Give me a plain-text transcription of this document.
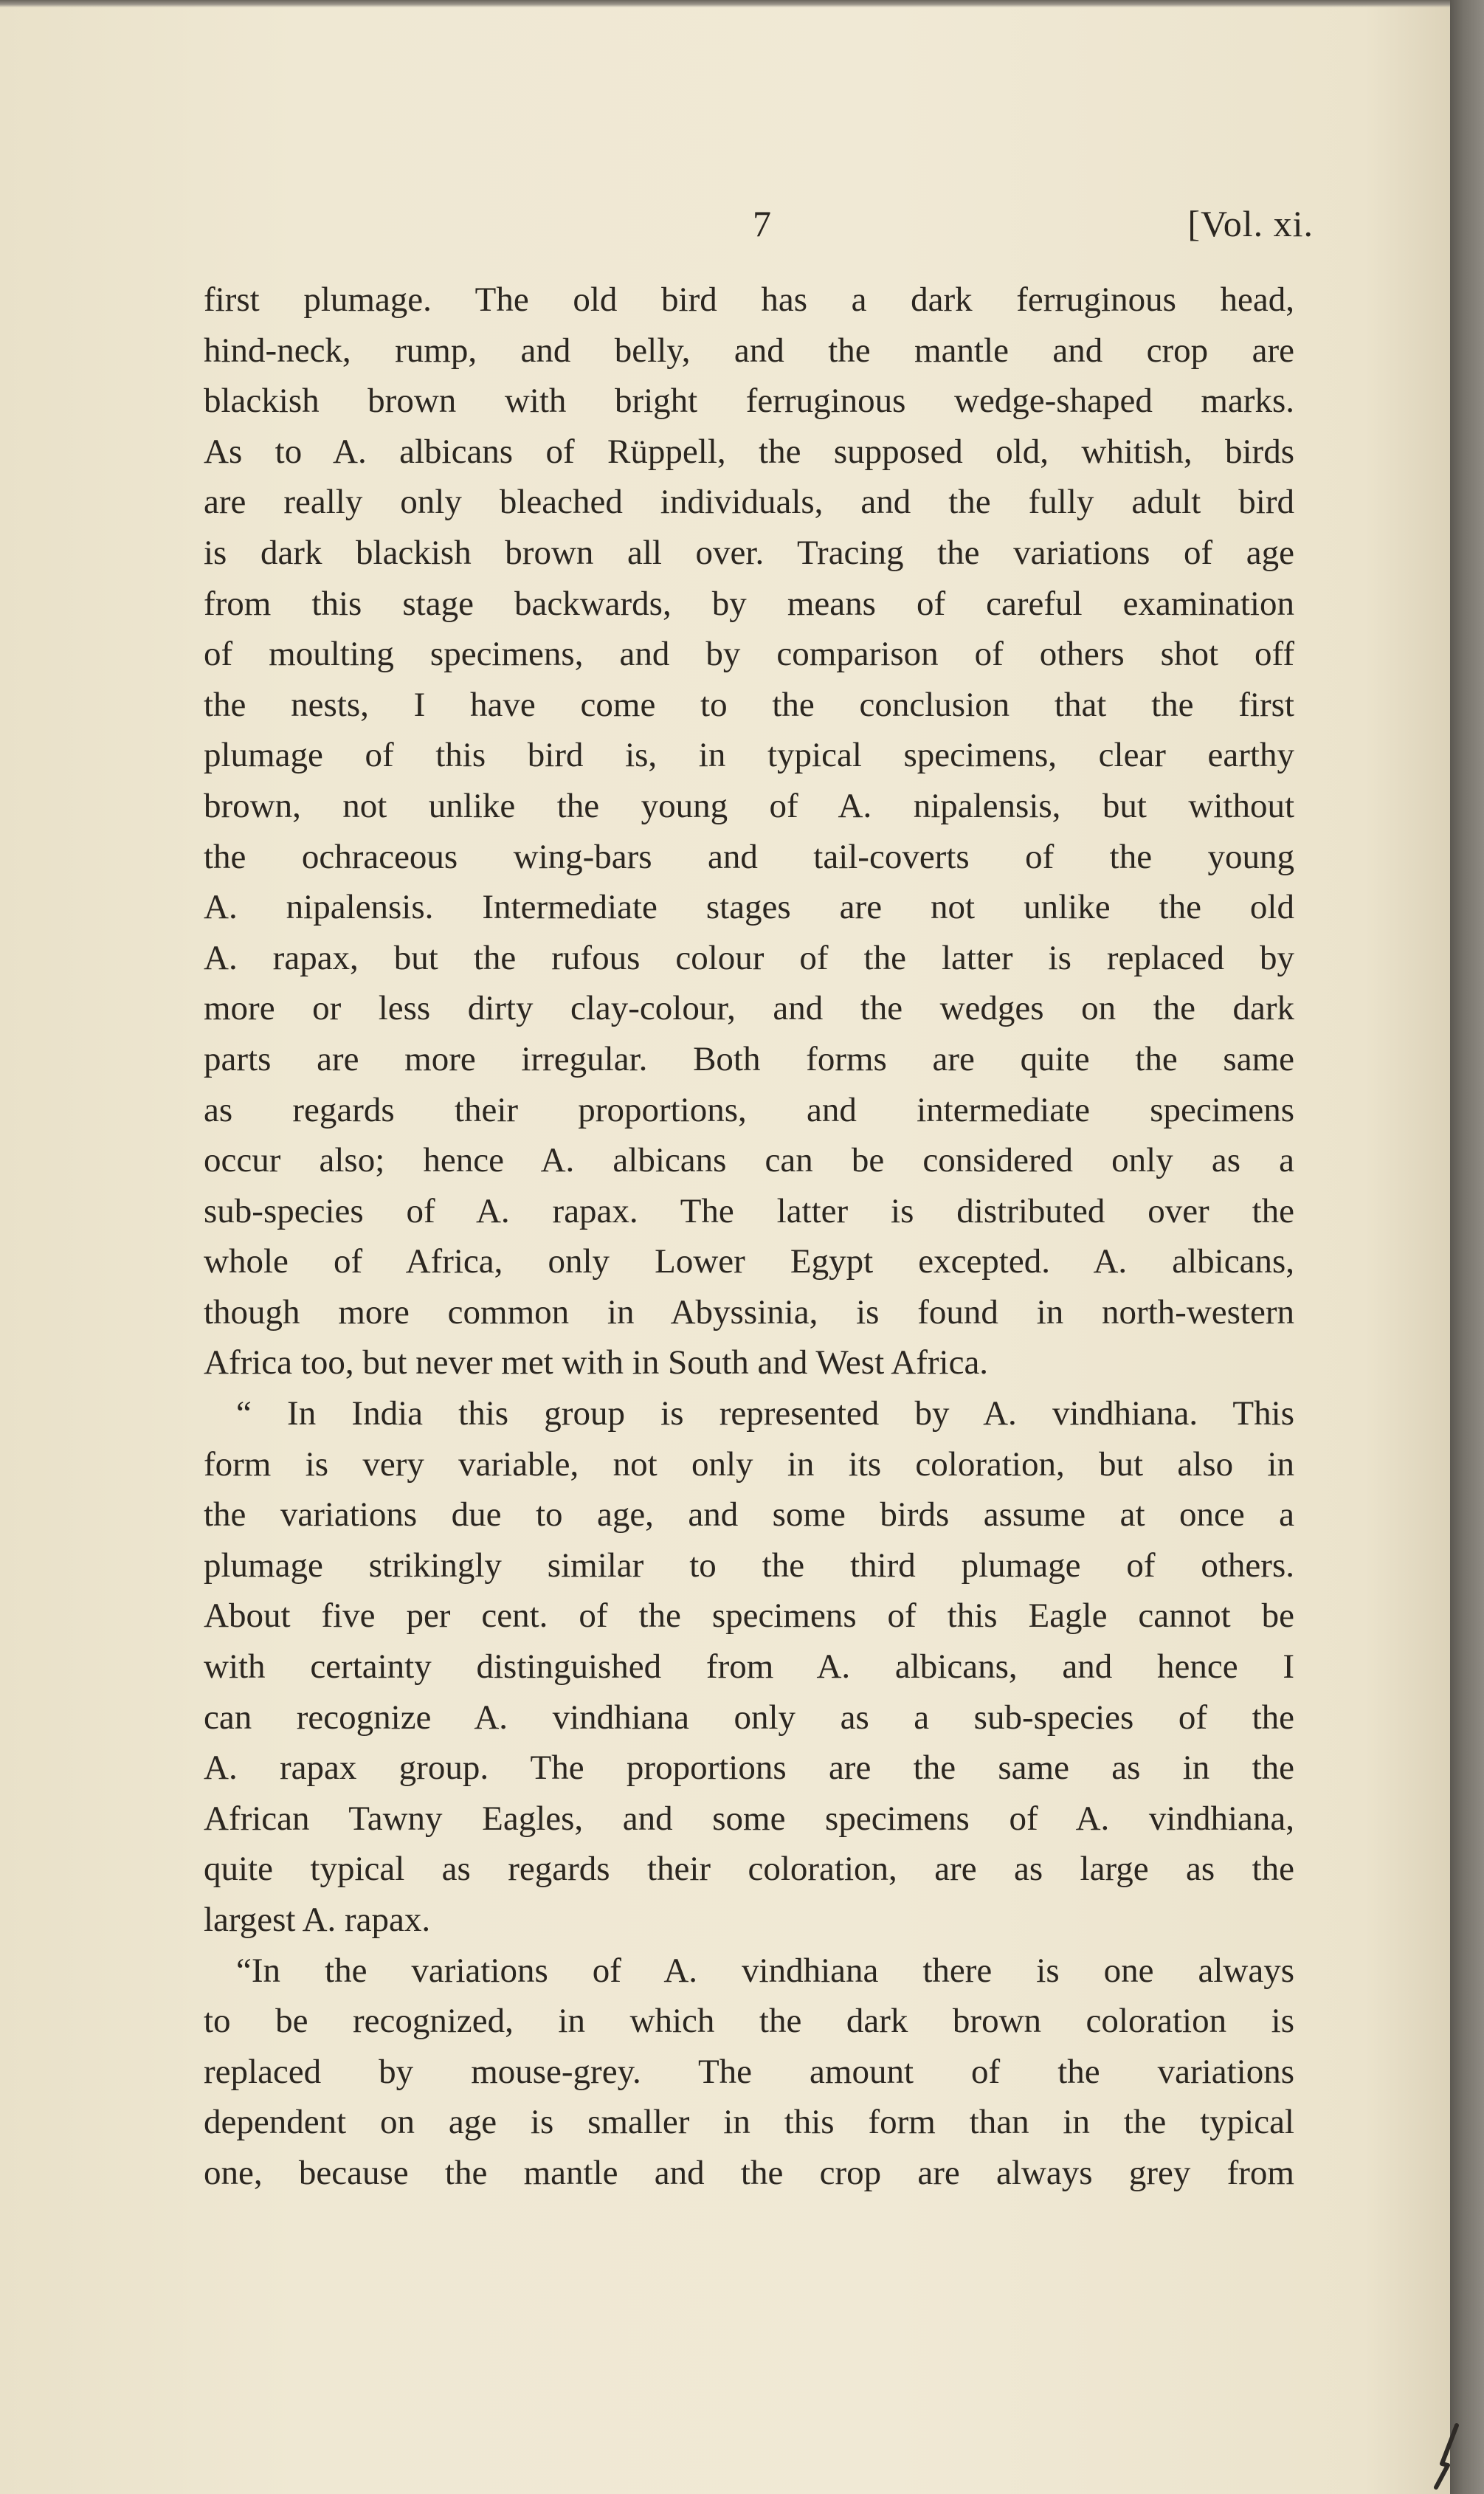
7	[Vol. xi.
first plumage. The old bird has a dark ferruginous head,
hind-neck, rump, and belly, and the mantle and crop are
blackish brown with bright ferruginous wedge-shaped marks.
As to A. albicans of Rüppell, the supposed old, whitish, birds
are really only bleached individuals, and the fully adult bird
is dark blackish brown all over. Tracing the variations of age
from this stage backwards, by means of careful examination
of moulting specimens, and by comparison of others shot off
the nests, I have come to the conclusion that the first
plumage of this bird is, in typical specimens, clear earthy
brown, not unlike the young of A. nipalensis, but without
the ochraceous wing-bars and tail-coverts of the young
A. nipalensis. Intermediate stages are not unlike the old
A. rapax, but the rufous colour of the latter is replaced by
more or less dirty clay-colour, and the wedges on the dark
parts are more irregular. Both forms are quite the same
as regards their proportions, and intermediate specimens
occur also; hence A. albicans can be considered only as a
sub-species of A. rapax. The latter is distributed over the
whole of Africa, only Lower Egypt excepted. A. albicans,
though more common in Abyssinia, is found in north-western
Africa too, but never met with in South and West Africa.
“ In India this group is represented by A. vindhiana. This
form is very variable, not only in its coloration, but also in
the variations due to age, and some birds assume at once a
plumage strikingly similar to the third plumage of others.
About five per cent. of the specimens of this Eagle cannot be
with certainty distinguished from A. albicans, and hence I
can recognize A. vindhiana only as a sub-species of the
A. rapax group. The proportions are the same as in the
African Tawny Eagles, and some specimens of A. vindhiana,
quite typical as regards their coloration, are as large as the
largest A. rapax.
“In the variations of A. vindhiana there is one always
to be recognized, in which the dark brown coloration is
replaced by mouse-grey. The amount of the variations
dependent on age is smaller in this form than in the typical
one, because the mantle and the crop are always grey from
